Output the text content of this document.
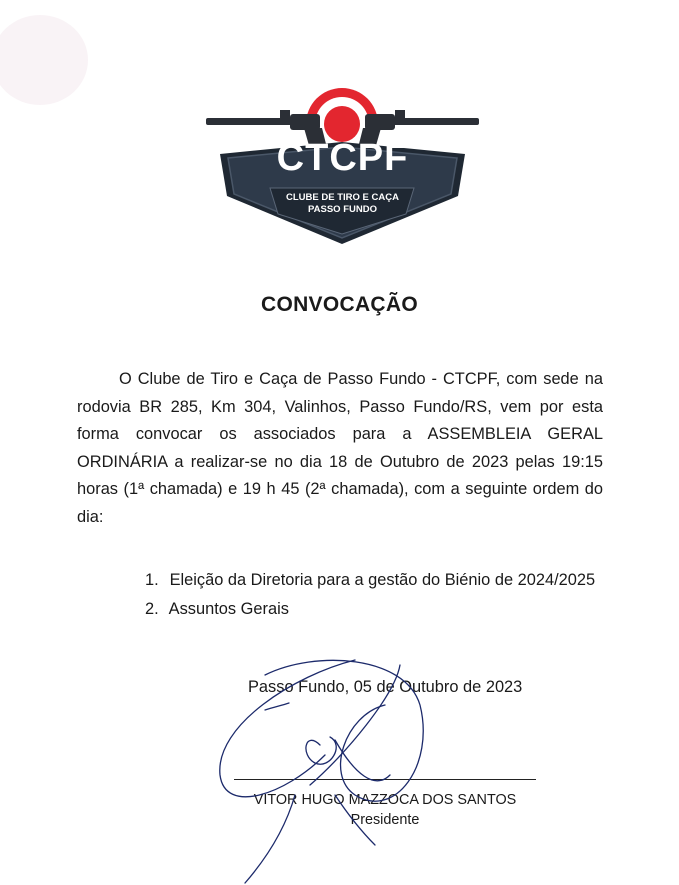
CTCPF
CLUBE DE TIRO E CAÇA
PASSO FUNDO
CONVOCAÇÃO
O Clube de Tiro e Caça de Passo Fundo - CTCPF, com sede na rodovia BR 285, Km 304, Valinhos, Passo Fundo/RS, vem por esta forma convocar os associados para a ASSEMBLEIA GERAL ORDINÁRIA a realizar-se no dia 18 de Outubro de 2023 pelas 19:15 horas (1ª chamada) e 19 h 45 (2ª chamada), com a seguinte ordem do dia:
1. Eleição da Diretoria para a gestão do Biénio de 2024/2025
2. Assuntos Gerais
Passo Fundo, 05 de Outubro de 2023
VITOR HUGO MAZZOCA DOS SANTOS
Presidente
